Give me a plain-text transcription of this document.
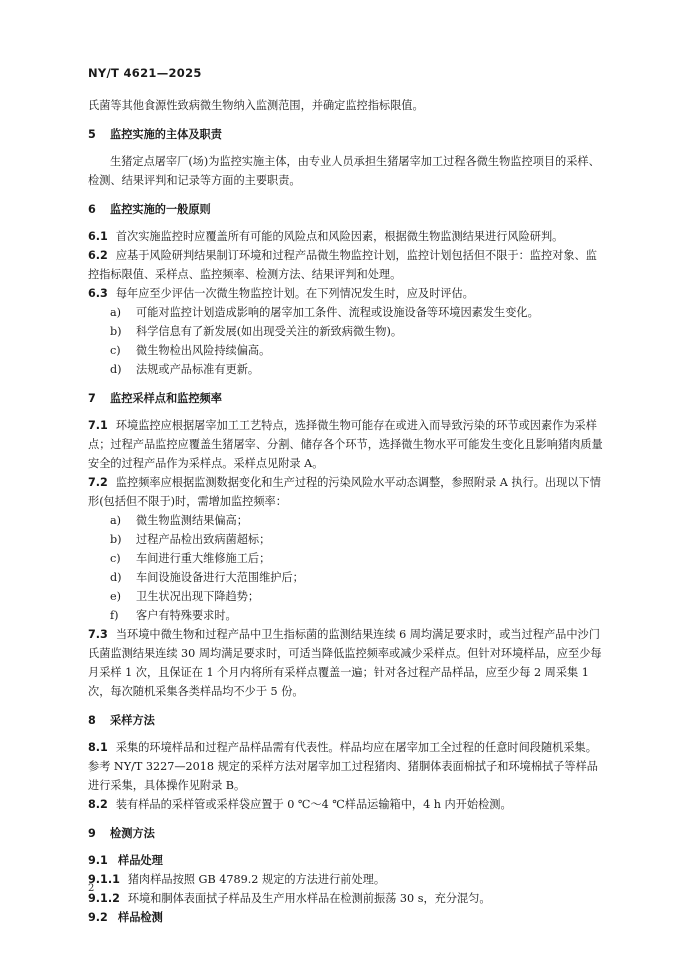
NY/T 4621—2025

氏菌等其他食源性致病微生物纳入监测范围，并确定监控指标限值。

5 监控实施的主体及职责

生猪定点屠宰厂(场)为监控实施主体，由专业人员承担生猪屠宰加工过程各微生物监控项目的采样、检测、结果评判和记录等方面的主要职责。

6 监控实施的一般原则

6.1 首次实施监控时应覆盖所有可能的风险点和风险因素，根据微生物监测结果进行风险研判。

6.2 应基于风险研判结果制订环境和过程产品微生物监控计划，监控计划包括但不限于：监控对象、监控指标限值、采样点、监控频率、检测方法、结果评判和处理。

6.3 每年应至少评估一次微生物监控计划。在下列情况发生时，应及时评估。

a) 可能对监控计划造成影响的屠宰加工条件、流程或设施设备等环境因素发生变化。
b) 科学信息有了新发展(如出现受关注的新致病微生物)。
c) 微生物检出风险持续偏高。
d) 法规或产品标准有更新。
7 监控采样点和监控频率

7.1 环境监控应根据屠宰加工工艺特点，选择微生物可能存在或进入而导致污染的环节或因素作为采样点；过程产品监控应覆盖生猪屠宰、分割、储存各个环节，选择微生物水平可能发生变化且影响猪肉质量安全的过程产品作为采样点。采样点见附录 A。

7.2 监控频率应根据监测数据变化和生产过程的污染风险水平动态调整，参照附录 A 执行。出现以下情形(包括但不限于)时，需增加监控频率：

a) 微生物监测结果偏高；
b) 过程产品检出致病菌超标；
c) 车间进行重大维修施工后；
d) 车间设施设备进行大范围维护后；
e) 卫生状况出现下降趋势；
f) 客户有特殊要求时。

7.3 当环境中微生物和过程产品中卫生指标菌的监测结果连续 6 周均满足要求时，或当过程产品中沙门氏菌监测结果连续 30 周均满足要求时，可适当降低监控频率或减少采样点。但针对环境样品，应至少每月采样 1 次，且保证在 1 个月内将所有采样点覆盖一遍；针对各过程产品样品，应至少每 2 周采集 1 次，每次随机采集各类样品均不少于 5 份。

8 采样方法

8.1 采集的环境样品和过程产品样品需有代表性。样品均应在屠宰加工全过程的任意时间段随机采集。参考 NY/T 3227—2018 规定的采样方法对屠宰加工过程猪肉、猪胴体表面棉拭子和环境棉拭子等样品进行采集，具体操作见附录 B。

8.2 装有样品的采样管或采样袋应置于 0 ℃～4 ℃样品运输箱中，4 h 内开始检测。

9 检测方法
9.1 样品处理

9.1.1 猪肉样品按照 GB 4789.2 规定的方法进行前处理。

9.1.2 环境和胴体表面拭子样品及生产用水样品在检测前振荡 30 s，充分混匀。

9.2 样品检测
2
